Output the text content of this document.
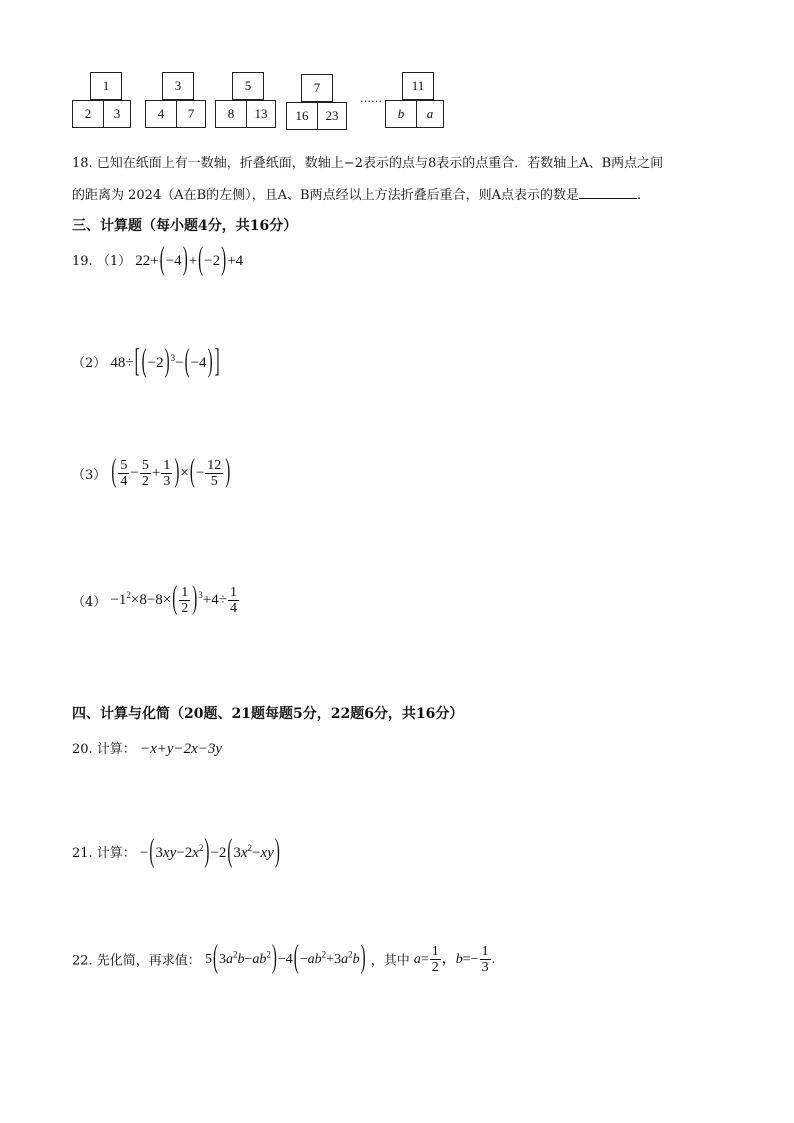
1
2	3
3
4	7
5
8	13
7
16	23
……
11
b	a
18. 已知在纸面上有一数轴，折叠纸面，数轴上−2表示的点与8表示的点重合．若数轴上A、B两点之间
的距离为 2024（A在B的左侧），且A、B两点经以上方法折叠后重合，则A点表示的数是	.
三、计算题（每小题4分，共16分）
19. （1） 22+(−4)+(−2)+4
（2） 48÷[ $(-2)^3-(-4)$ ]
（3） ( $\frac{5}{4} - \frac{5}{2} + \frac{1}{3}$ )×(− $\frac{12}{5}$ )
$(4) -1^2\times 8-8\times( \frac{1}{2} )^3+4\div \frac{1}{4}$
四、计算与化简（20题、21题每题5分，22题6分，共16分）
20. 计算： −x+y−2x−3y
21. 计算： $-(3xy-2x^2)-2(3x^2-xy)$
22. 先化简，再求值： $5(3a^2b-ab^2)-4(-ab^2+3a^2b)$ ，其中 $a= \frac{1}{2}$ ，$b=- \frac{1}{3}$ .
